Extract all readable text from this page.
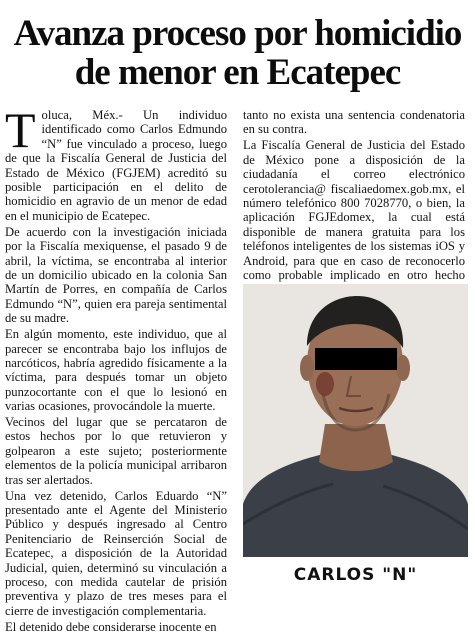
Avanza proceso por homicidio
de menor en Ecatepec

Toluca, Méx.- Un individuo identificado como Carlos Edmundo “N” fue vinculado a proceso, luego de que la Fiscalía General de Justicia del Estado de México (FGJEM) acreditó su posible participación en el delito de homicidio en agravio de un menor de edad en el municipio de Ecatepec.

De acuerdo con la investigación iniciada por la Fiscalía mexiquense, el pasado 9 de abril, la víctima, se encontraba al interior de un domicilio ubicado en la colonia San Martín de Porres, en compañía de Carlos Edmundo “N”, quien era pareja sentimental de su madre.

En algún momento, este individuo, que al parecer se encontraba bajo los influjos de narcóticos, habría agredido físicamente a la víctima, para después tomar un objeto punzocortante con el que lo lesionó en varias ocasiones, provocándole la muerte.

Vecinos del lugar que se percataron de estos hechos por lo que retuvieron y golpearon a este sujeto; posteriormente elementos de la policía municipal arribaron tras ser alertados.

Una vez detenido, Carlos Eduardo “N” presentado ante el Agente del Ministerio Público y después ingresado al Centro Penitenciario de Reinserción Social de Ecatepec, a disposición de la Autoridad Judicial, quien, determinó su vinculación a proceso, con medida cautelar de prisión preventiva y plazo de tres meses para el cierre de investigación complementaria.

El detenido debe considerarse inocente en

tanto no exista una sentencia condenatoria en su contra.

La Fiscalía General de Justicia del Estado de México pone a disposición de la ciudadanía el correo electrónico cerotolerancia@ fiscaliaedomex.gob.mx, el número telefónico 800 7028770, o bien, la aplicación FGJEdomex, la cual está disponible de manera gratuita para los teléfonos inteligentes de los sistemas iOS y Android, para que en caso de reconocerlo como probable implicado en otro hecho

CARLOS "N"
